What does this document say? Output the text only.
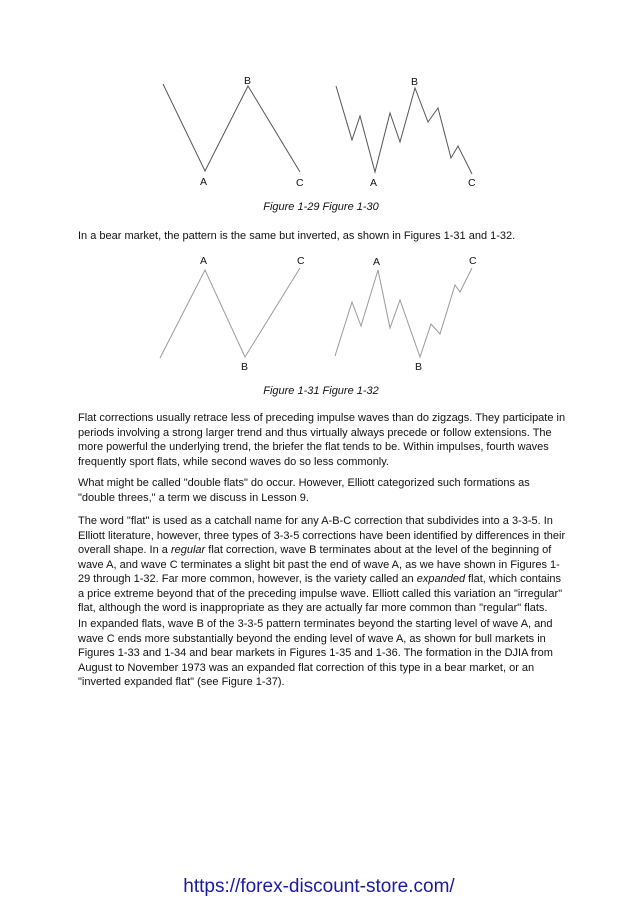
B
A	C
B
A	C

Figure 1-29 Figure 1-30

In a bear market, the pattern is the same but inverted, as shown in Figures 1-31 and 1-32.

A	C
B
A	C
B

Figure 1-31 Figure 1-32

Flat corrections usually retrace less of preceding impulse waves than do zigzags. They participate in periods involving a strong larger trend and thus virtually always precede or follow extensions. The more powerful the underlying trend, the briefer the flat tends to be. Within impulses, fourth waves frequently sport flats, while second waves do so less commonly.

What might be called "double flats" do occur. However, Elliott categorized such formations as "double threes," a term we discuss in Lesson 9.

The word "flat" is used as a catchall name for any A-B-C correction that subdivides into a 3-3-5. In Elliott literature, however, three types of 3-3-5 corrections have been identified by differences in their overall shape. In a regular flat correction, wave B terminates about at the level of the beginning of wave A, and wave C terminates a slight bit past the end of wave A, as we have shown in Figures 1-29 through 1-32. Far more common, however, is the variety called an expanded flat, which contains a price extreme beyond that of the preceding impulse wave. Elliott called this variation an "irregular" flat, although the word is inappropriate as they are actually far more common than "regular" flats.

In expanded flats, wave B of the 3-3-5 pattern terminates beyond the starting level of wave A, and wave C ends more substantially beyond the ending level of wave A, as shown for bull markets in Figures 1-33 and 1-34 and bear markets in Figures 1-35 and 1-36. The formation in the DJIA from August to November 1973 was an expanded flat correction of this type in a bear market, or an "inverted expanded flat" (see Figure 1-37).

https://forex-discount-store.com/
